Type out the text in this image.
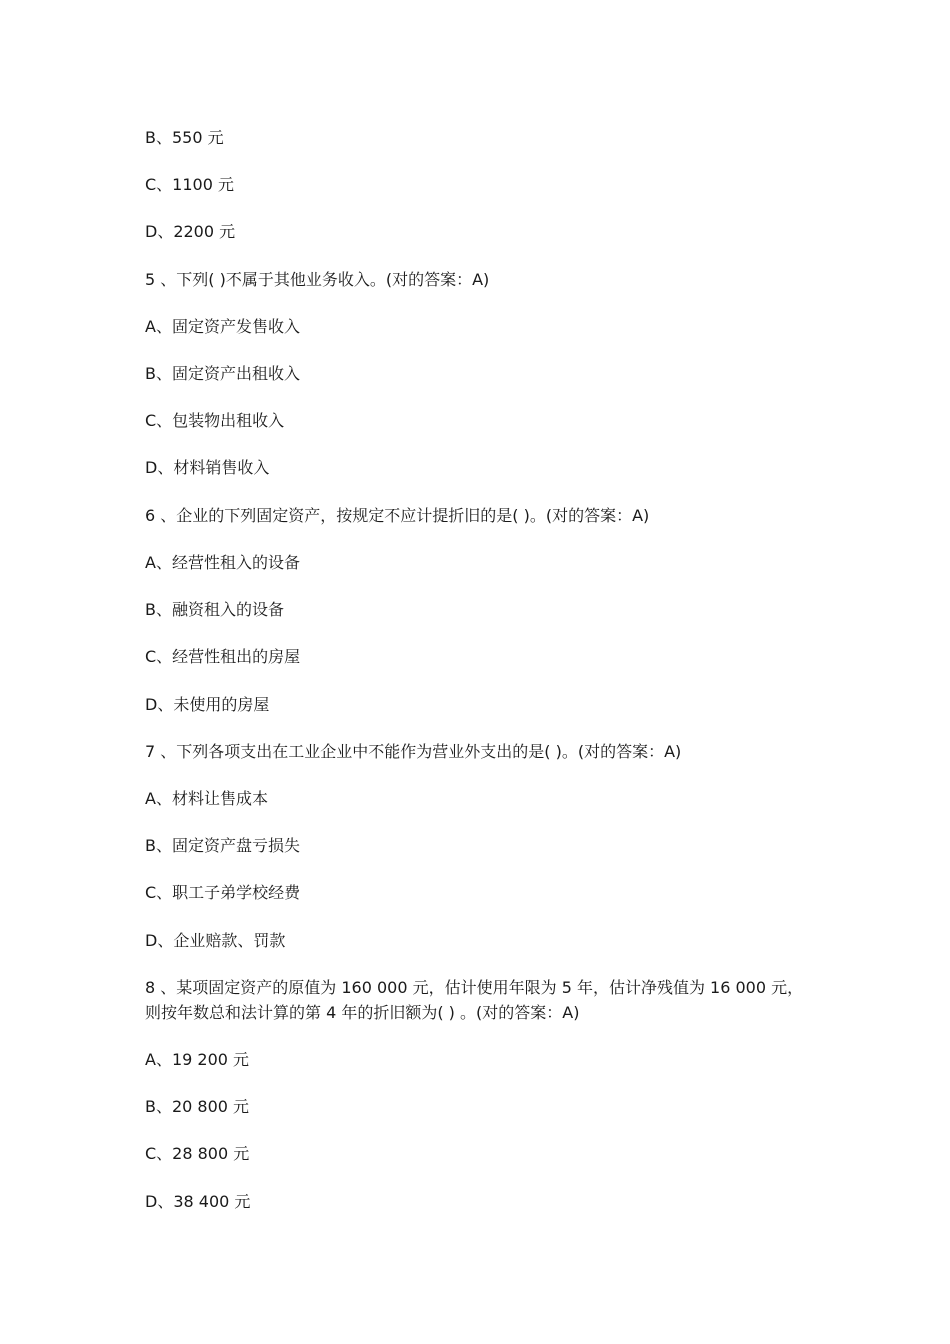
B、550 元
C、1100 元
D、2200 元
5 、下列( )不属于其他业务收入。(对的答案：A)
A、固定资产发售收入
B、固定资产出租收入
C、包装物出租收入
D、材料销售收入
6 、企业的下列固定资产，按规定不应计提折旧的是( )。(对的答案：A)
A、经营性租入的设备
B、融资租入的设备
C、经营性租出的房屋
D、未使用的房屋
7 、下列各项支出在工业企业中不能作为营业外支出的是( )。(对的答案：A)
A、材料让售成本
B、固定资产盘亏损失
C、职工子弟学校经费
D、企业赔款、罚款
8 、某项固定资产的原值为 160 000 元，估计使用年限为 5 年，估计净残值为 16 000 元，
则按年数总和法计算的第 4 年的折旧额为( ) 。(对的答案：A)
A、19 200 元
B、20 800 元
C、28 800 元
D、38 400 元
